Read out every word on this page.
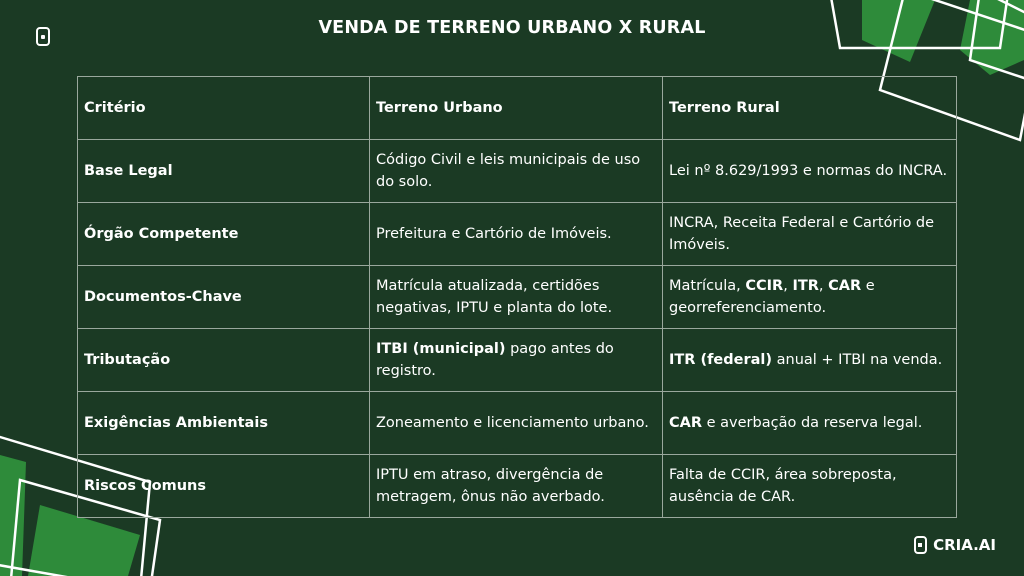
VENDA DE TERRENO URBANO X RURAL
Critério	Terreno Urbano	Terreno Rural
Base Legal	Código Civil e leis municipais de uso do solo.	Lei nº 8.629/1993 e normas do INCRA.
Órgão Competente	Prefeitura e Cartório de Imóveis.	INCRA, Receita Federal e Cartório de Imóveis.
Documentos-Chave	Matrícula atualizada, certidões negativas, IPTU e planta do lote.	Matrícula, CCIR, ITR, CAR e georreferenciamento.
Tributação	ITBI (municipal) pago antes do registro.	ITR (federal) anual + ITBI na venda.
Exigências Ambientais	Zoneamento e licenciamento urbano.	CAR e averbação da reserva legal.
Riscos Comuns	IPTU em atraso, divergência de metragem, ônus não averbado.	Falta de CCIR, área sobreposta, ausência de CAR.
CRIA.AI
